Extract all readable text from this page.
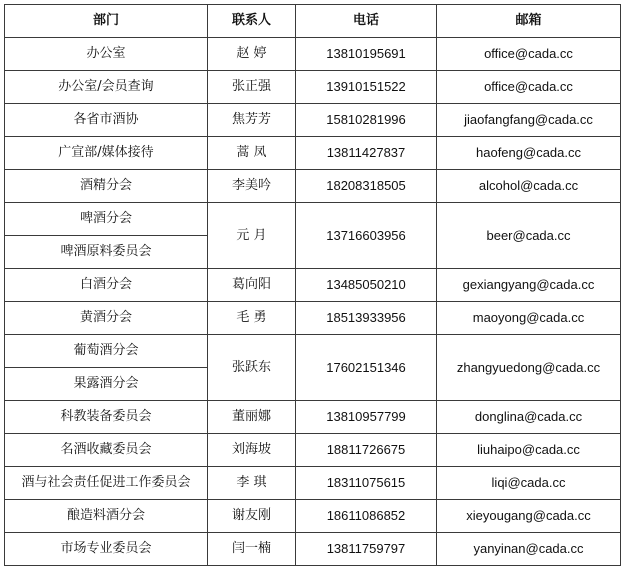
部门	联系人	电话	邮箱
办公室	赵 婷	13810195691	office@cada.cc
办公室/会员查询	张正强	13910151522	office@cada.cc
各省市酒协	焦芳芳	15810281996	jiaofangfang@cada.cc
广宣部/媒体接待	蒿 凤	13811427837	haofeng@cada.cc
酒精分会	李美吟	18208318505	alcohol@cada.cc
啤酒分会	元 月	13716603956	beer@cada.cc
啤酒原料委员会			
白酒分会	葛向阳	13485050210	gexiangyang@cada.cc
黄酒分会	毛 勇	18513933956	maoyong@cada.cc
葡萄酒分会	张跃东	17602151346	zhangyuedong@cada.cc
果露酒分会			
科教装备委员会	董丽娜	13810957799	donglina@cada.cc
名酒收藏委员会	刘海坡	18811726675	liuhaipo@cada.cc
酒与社会责任促进工作委员会	李 琪	18311075615	liqi@cada.cc
酿造料酒分会	谢友刚	18611086852	xieyougang@cada.cc
市场专业委员会	闫一楠	13811759797	yanyinan@cada.cc
